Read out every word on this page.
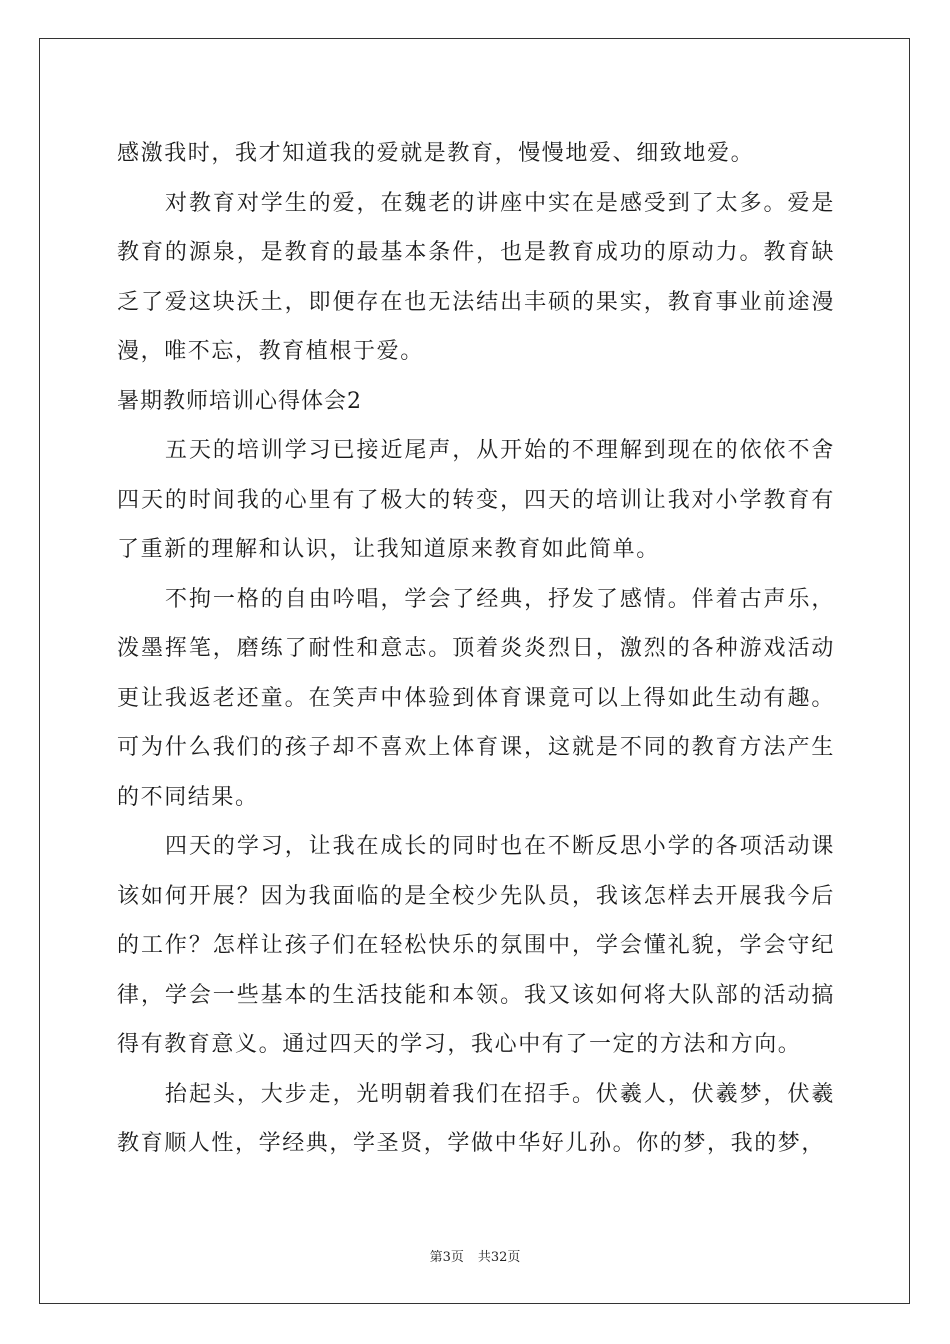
感激我时，我才知道我的爱就是教育，慢慢地爱、细致地爱。

对教育对学生的爱，在魏老的讲座中实在是感受到了太多。爱是教育的源泉，是教育的最基本条件，也是教育成功的原动力。教育缺乏了爱这块沃土，即便存在也无法结出丰硕的果实，教育事业前途漫漫，唯不忘，教育植根于爱。

暑期教师培训心得体会2

五天的培训学习已接近尾声，从开始的不理解到现在的依依不舍四天的时间我的心里有了极大的转变，四天的培训让我对小学教育有了重新的理解和认识，让我知道原来教育如此简单。

不拘一格的自由吟唱，学会了经典，抒发了感情。伴着古声乐，泼墨挥笔，磨练了耐性和意志。顶着炎炎烈日，激烈的各种游戏活动更让我返老还童。在笑声中体验到体育课竟可以上得如此生动有趣。可为什么我们的孩子却不喜欢上体育课，这就是不同的教育方法产生的不同结果。

四天的学习，让我在成长的同时也在不断反思小学的各项活动课该如何开展？因为我面临的是全校少先队员，我该怎样去开展我今后的工作？怎样让孩子们在轻松快乐的氛围中，学会懂礼貌，学会守纪律，学会一些基本的生活技能和本领。我又该如何将大队部的活动搞得有教育意义。通过四天的学习，我心中有了一定的方法和方向。

抬起头，大步走，光明朝着我们在招手。伏羲人，伏羲梦，伏羲教育顺人性，学经典，学圣贤，学做中华好儿孙。你的梦，我的梦，

第3页 共32页
